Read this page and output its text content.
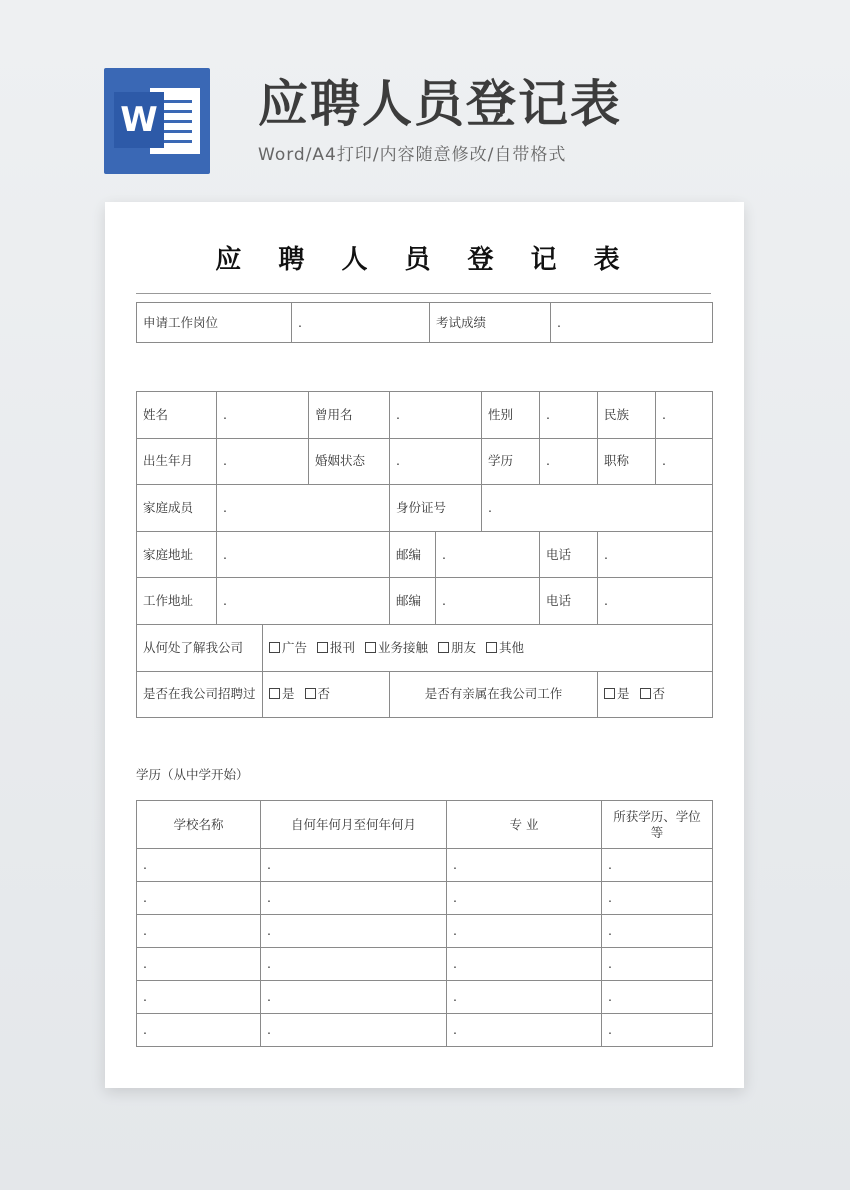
W 应聘人员登记表
Word/A4打印/内容随意修改/自带格式
应 聘 人 员 登 记 表
申请工作岗位	.	考试成绩	.
姓名	.		曾用名	.		性别	.	民族	.
出生年月	.		婚姻状态	.		学历	.	职称	.
家庭成员	.			身份证号		.			
家庭地址	.			邮编	.		电话	.	
工作地址	.			邮编	.		电话	.	
从何处了解我公司		广告 报刊 业务接触 朋友 其他							
是否在我公司招聘过		是 否		是否有亲属在我公司工作				是 否	
学历（从中学开始）
学校名称	自何年何月至何年何月	专 业	所获学历、学位等
.	.	.	.
.	.	.	.
.	.	.	.
.	.	.	.
.	.	.	.
.	.	.	.
